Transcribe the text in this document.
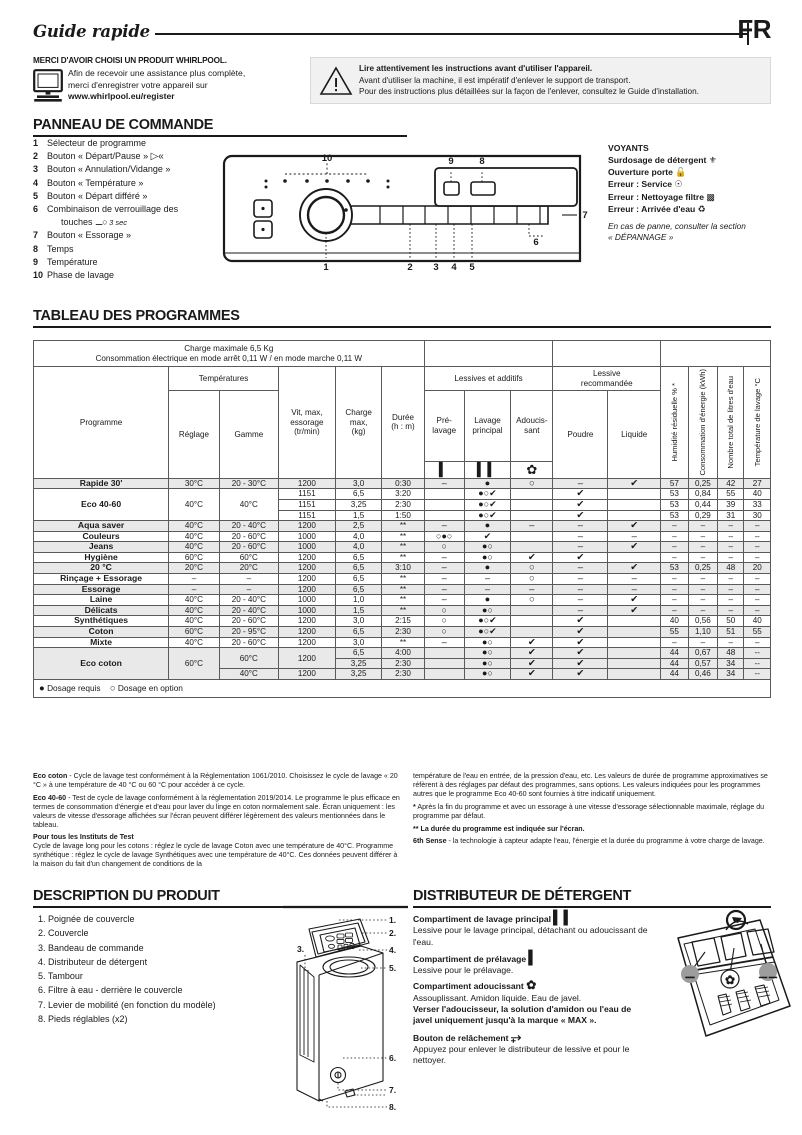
Guide rapide	FR
MERCI D'AVOIR CHOISI UN PRODUIT WHIRLPOOL.
Afin de recevoir une assistance plus complète,
merci d'enregistrer votre appareil sur
www.whirlpool.eu/register
Lire attentivement les instructions avant d'utiliser l'appareil.
Avant d'utiliser la machine, il est impératif d'enlever le support de transport.
Pour des instructions plus détaillées sur la façon de l'enlever, consultez le Guide d'installation.
PANNEAU DE COMMANDE
1 Sélecteur de programme
2 Bouton « Départ/Pause » ▷«
3 Bouton « Annulation/Vidange »
4 Bouton « Température »
5 Bouton « Départ différé »
6 Combinaison de verrouillage des
touches ⚊○ 3 sec
7 Bouton « Essorage »
8 Temps
9 Température
10 Phase de lavage
10	9	8
1	2 3 4 5
6
7
VOYANTS
Surdosage de détergent ⚜
Ouverture porte 🔓
Erreur : Service ☉
Erreur : Nettoyage filtre ▩
Erreur : Arrivée d'eau ♻
En cas de panne, consulter la section
« DÉPANNAGE »
TABLEAU DES PROGRAMMES
Charge maximale 6,5 Kg
Consommation électrique en mode arrêt 0,11 W / en mode marche 0,11 W														

Programme	Températures	
Vit, max,
essorage
(tr/min)

Charge
max,
(kg)

Durée
(h : m)
	Lessives et additifs	
Lessive
recommandée	Humidité résiduelle % *	Consommation d'énergie (kWh)	Nombre total de litres d'eau	Température de lavage °C

Réglage	Gamme	
Pré-
lavage

Lavage
principal

Adoucis-
sant	Poudre	Liquide
						▍	▍▍	✿						
Rapide 30'	30°C	20 - 30°C	1200	3,0	0:30	–	●	○	–	✔	57	0,25	42	27
Eco 40-60	40°C	40°C	1151	6,5	3:20		●○✔		✔		53	0,84	55	40
			1151	3,25	2:30		●○✔		✔		53	0,44	39	33
			1151	1,5	1:50		●○✔		✔		53	0,29	31	30
Aqua saver	40°C	20 - 40°C	1200	2,5	**	–	●	–	–	✔	–	–	–	–
Couleurs	40°C	20 - 60°C	1000	4,0	**	○●○	✔		–	–	–	–	–	–
Jeans	40°C	20 - 60°C	1000	4,0	**	○	●○		–	✔	–	–	–	–
Hygiène	60°C	60°C	1200	6,5	**	–	●○	✔	✔		–	–	–	–
20 °C	20°C	20°C	1200	6,5	3:10	–	●	○	–	✔	53	0,25	48	20
Rinçage + Essorage	–	–	1200	6,5	**	–	–	○	–	–	–	–	–	–
Essorage	–	–	1200	6,5	**	–	–	–	–	–	–	–	–	–
Laine	40°C	20 - 40°C	1000	1,0	**	–	●	○	–	✔	–	–	–	–
Délicats	40°C	20 - 40°C	1000	1,5	**	○	●○		–	✔	–	–	–	–
Synthétiques	40°C	20 - 60°C	1200	3,0	2:15	○	●○✔		✔		40	0,56	50	40
Coton	60°C	20 - 95°C	1200	6,5	2:30	○	●○✔		✔		55	1,10	51	55
Mixte	40°C	20 - 60°C	1200	3,0	**	–	●○	✔	✔		–	–	–	–
Eco coton	60°C	60°C	1200	6,5	4:00		●○	✔	✔		44	0,67	48	--
				3,25	2:30		●○	✔	✔		44	0,57	34	--
		40°C	1200	3,25	2:30		●○	✔	✔		44	0,46	34	--
● Dosage requis ○ Dosage en option

Eco coton - Cycle de lavage test conformément à la Réglementation 1061/2010. Choisissez le cycle de lavage « 20 °C » à une température de 40 °C ou 60 °C pour accéder à ce cycle.

Eco 40-60 - Test de cycle de lavage conformément à la réglementation 2019/2014. Le programme le plus efficace en termes de consommation d'énergie et d'eau pour laver du linge en coton normalement sale. Écran uniquement : les valeurs de vitesse d'essorage affichées sur l'écran peuvent différer légèrement des valeurs mentionnées dans le tableau.

Pour tous les Instituts de Test

Cycle de lavage long pour les cotons : réglez le cycle de lavage Coton avec une température de 40°C. Programme synthétique : réglez le cycle de lavage Synthétiques avec une température de 40°C. Ces données peuvent différer à la maison du fait d'un changement de conditions de la

température de l'eau en entrée, de la pression d'eau, etc. Les valeurs de durée de programme approximatives se réfèrent à des réglages par défaut des programmes, sans options. Les valeurs indiquées pour les programmes autres que le programme Eco 40-60 sont fournies à titre indicatif uniquement.

* Après la fin du programme et avec un essorage à une vitesse d'essorage sélectionnable maximale, réglage du programme par défaut.

** La durée du programme est indiquée sur l'écran.

6th Sense - la technologie à capteur adapte l'eau, l'énergie et la durée du programme à votre charge de lavage.

DESCRIPTION DU PRODUIT
1. Poignée de couvercle
2. Couvercle
3. Bandeau de commande
4. Distributeur de détergent
5. Tambour
6. Filtre à eau - derrière le couvercle
7. Levier de mobilité (en fonction du modèle)
8. Pieds réglables (x2)
1.
2.
3.	4.
5.
6.
7.
8.
DISTRIBUTEUR DE DÉTERGENT
Compartiment de lavage principal ▍▍
Lessive pour le lavage principal, détachant ou adoucissant de l'eau.
Compartiment de prélavage ▍
Lessive pour le prélavage.
Compartiment adoucissant ✿
Assouplissant. Amidon liquide. Eau de javel.
Verser l'adoucisseur, la solution d'amidon ou l'eau de javel uniquement jusqu'à la marque « MAX ».
Bouton de relâchement ⥅
Appuyez pour enlever le distributeur de lessive et pour le nettoyer.
⚊	⚊⚊
✿
